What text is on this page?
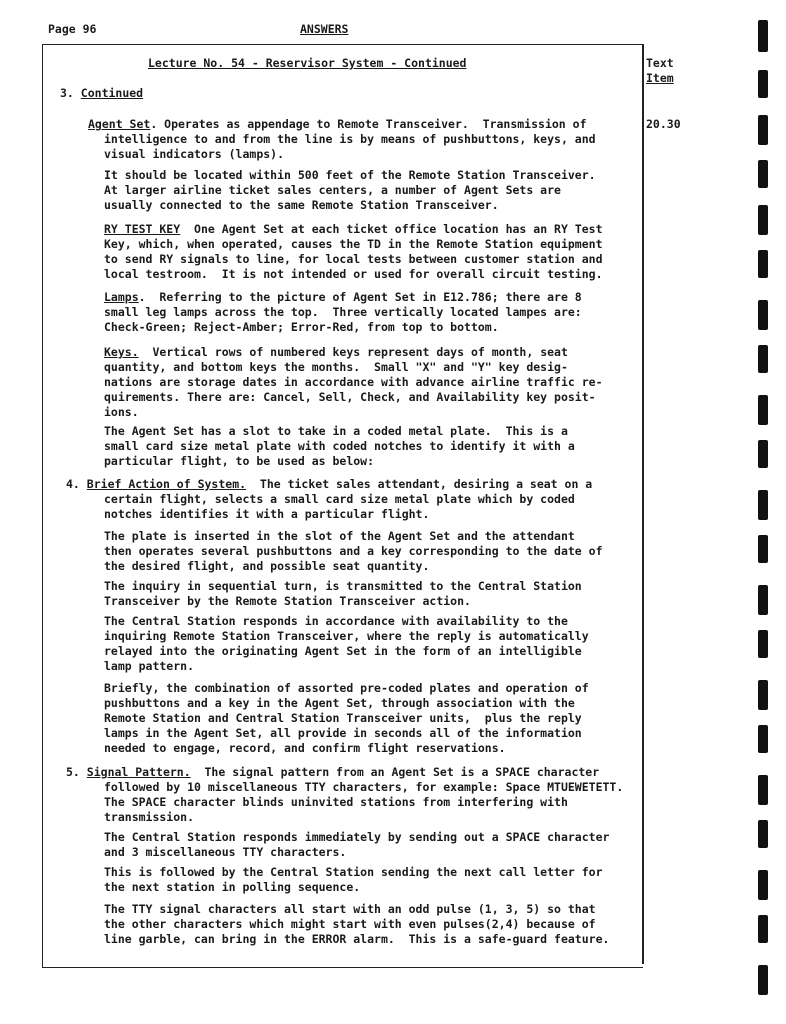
Page 96	ANSWERS
Text
Item
20.30
Lecture No. 54 - Reservisor System - Continued
3. Continued
Agent Set. Operates as appendage to Remote Transceiver.  Transmission of
intelligence to and from the line is by means of pushbuttons, keys, and
visual indicators (lamps).
It should be located within 500 feet of the Remote Station Transceiver.
At larger airline ticket sales centers, a number of Agent Sets are
usually connected to the same Remote Station Transceiver.
RY TEST KEY  One Agent Set at each ticket office location has an RY Test
Key, which, when operated, causes the TD in the Remote Station equipment
to send RY signals to line, for local tests between customer station and
local testroom.  It is not intended or used for overall circuit testing.
Lamps.  Referring to the picture of Agent Set in E12.786; there are 8
small leg lamps across the top.  Three vertically located lampes are:
Check-Green; Reject-Amber; Error-Red, from top to bottom.
Keys.  Vertical rows of numbered keys represent days of month, seat
quantity, and bottom keys the months.  Small "X" and "Y" key desig-
nations are storage dates in accordance with advance airline traffic re-
quirements. There are: Cancel, Sell, Check, and Availability key posit-
ions.
The Agent Set has a slot to take in a coded metal plate.  This is a
small card size metal plate with coded notches to identify it with a
particular flight, to be used as below:
4. Brief Action of System.  The ticket sales attendant, desiring a seat on a
certain flight, selects a small card size metal plate which by coded
notches identifies it with a particular flight.
The plate is inserted in the slot of the Agent Set and the attendant
then operates several pushbuttons and a key corresponding to the date of
the desired flight, and possible seat quantity.
The inquiry in sequential turn, is transmitted to the Central Station
Transceiver by the Remote Station Transceiver action.
The Central Station responds in accordance with availability to the
inquiring Remote Station Transceiver, where the reply is automatically
relayed into the originating Agent Set in the form of an intelligible
lamp pattern.
Briefly, the combination of assorted pre-coded plates and operation of
pushbuttons and a key in the Agent Set, through association with the
Remote Station and Central Station Transceiver units,  plus the reply
lamps in the Agent Set, all provide in seconds all of the information
needed to engage, record, and confirm flight reservations.
5. Signal Pattern.  The signal pattern from an Agent Set is a SPACE character
followed by 10 miscellaneous TTY characters, for example: Space MTUEWETETT.
The SPACE character blinds uninvited stations from interfering with
transmission.
The Central Station responds immediately by sending out a SPACE character
and 3 miscellaneous TTY characters.
This is followed by the Central Station sending the next call letter for
the next station in polling sequence.
The TTY signal characters all start with an odd pulse (1, 3, 5) so that
the other characters which might start with even pulses(2,4) because of
line garble, can bring in the ERROR alarm.  This is a safe-guard feature.
